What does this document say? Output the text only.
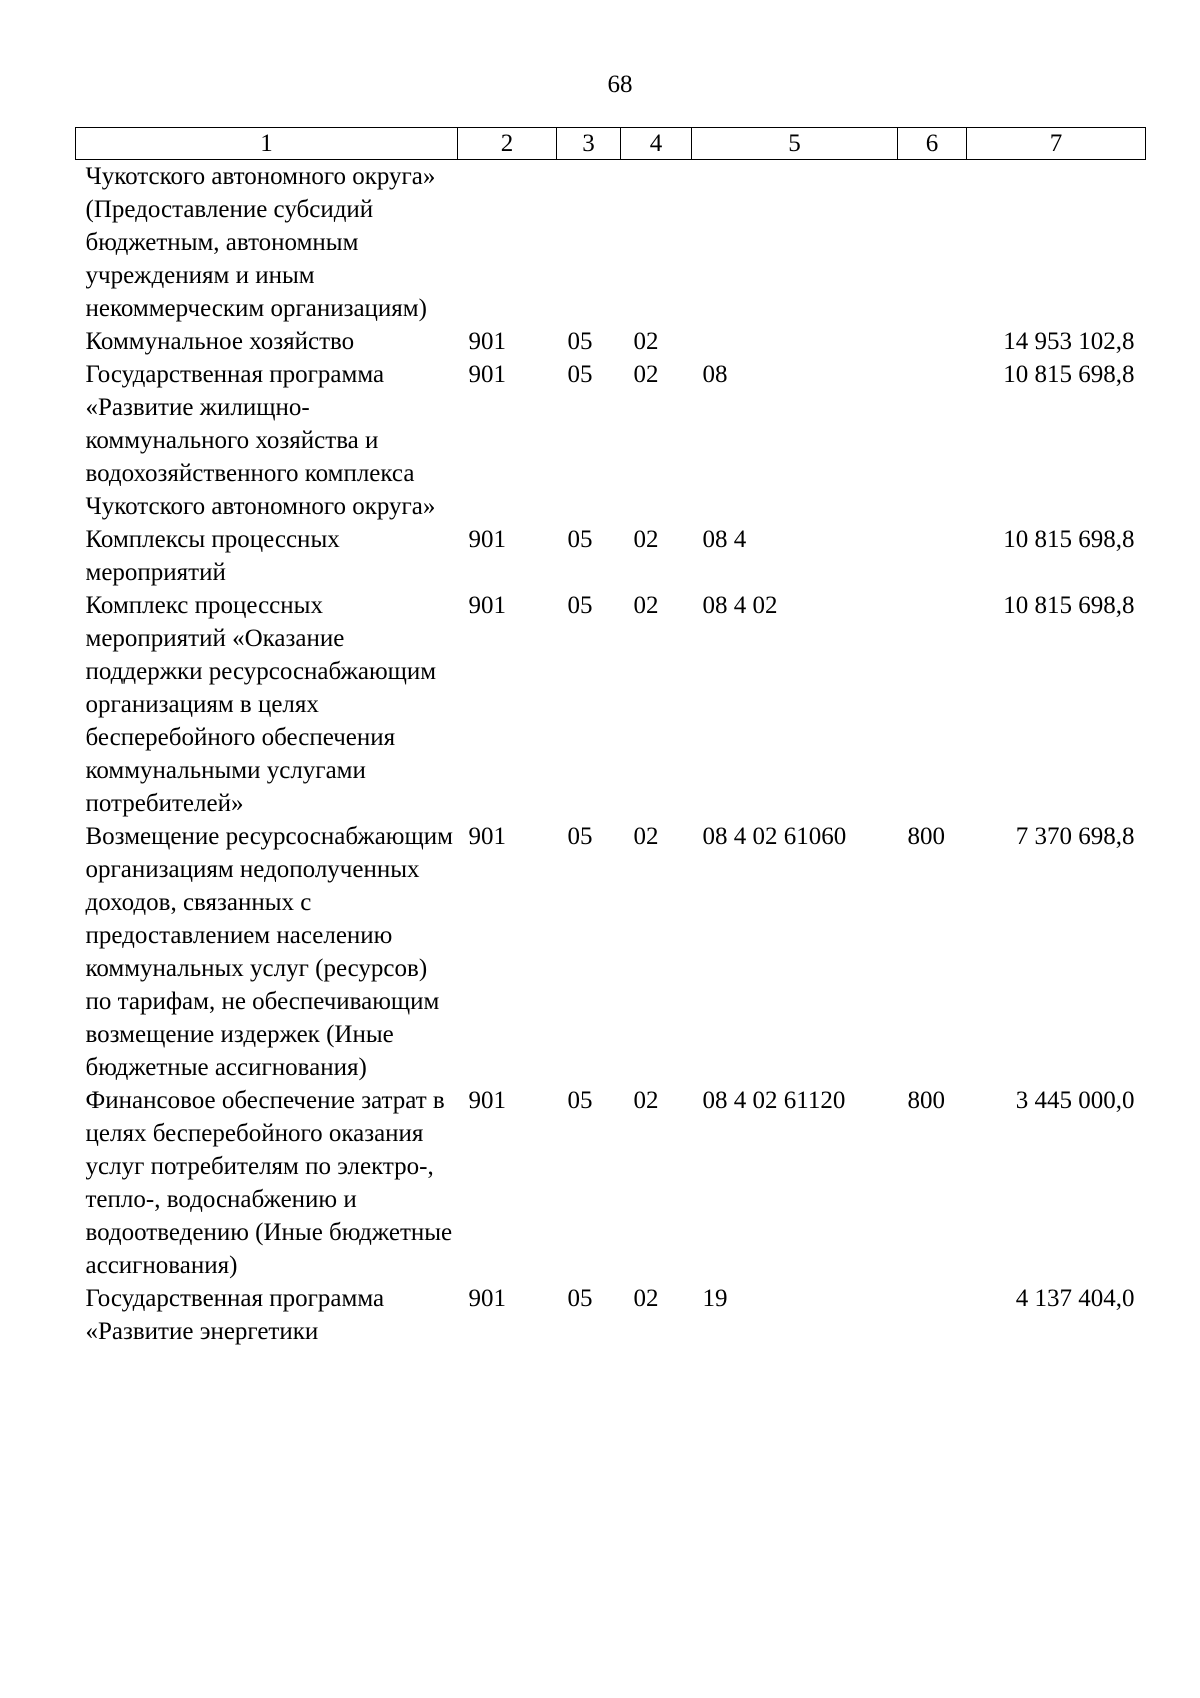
68
1	2	3	4	5	6	7
Чукотского автономного округа» (Предоставление субсидий бюджетным, автономным учреждениям и иным некоммерческим организациям)						
Коммунальное хозяйство	901	05	02			14 953 102,8
Государственная программа «Развитие жилищно-коммунального хозяйства и водохозяйственного комплекса Чукотского автономного округа»	901	05	02	08		10 815 698,8
Комплексы процессных мероприятий	901	05	02	08 4		10 815 698,8
Комплекс процессных мероприятий «Оказание поддержки ресурсоснабжающим организациям в целях бесперебойного обеспечения коммунальными услугами потребителей»	901	05	02	08 4 02		10 815 698,8
Возмещение ресурсоснабжающим организациям недополученных доходов, связанных с предоставлением населению коммунальных услуг (ресурсов) по тарифам, не обеспечивающим возмещение издержек (Иные бюджетные ассигнования)	901	05	02	08 4 02 61060	800	7 370 698,8
Финансовое обеспечение затрат в целях бесперебойного оказания услуг потребителям по электро-, тепло-, водоснабжению и водоотведению (Иные бюджетные ассигнования)	901	05	02	08 4 02 61120	800	3 445 000,0
Государственная программа «Развитие энергетики	901	05	02	19		4 137 404,0
